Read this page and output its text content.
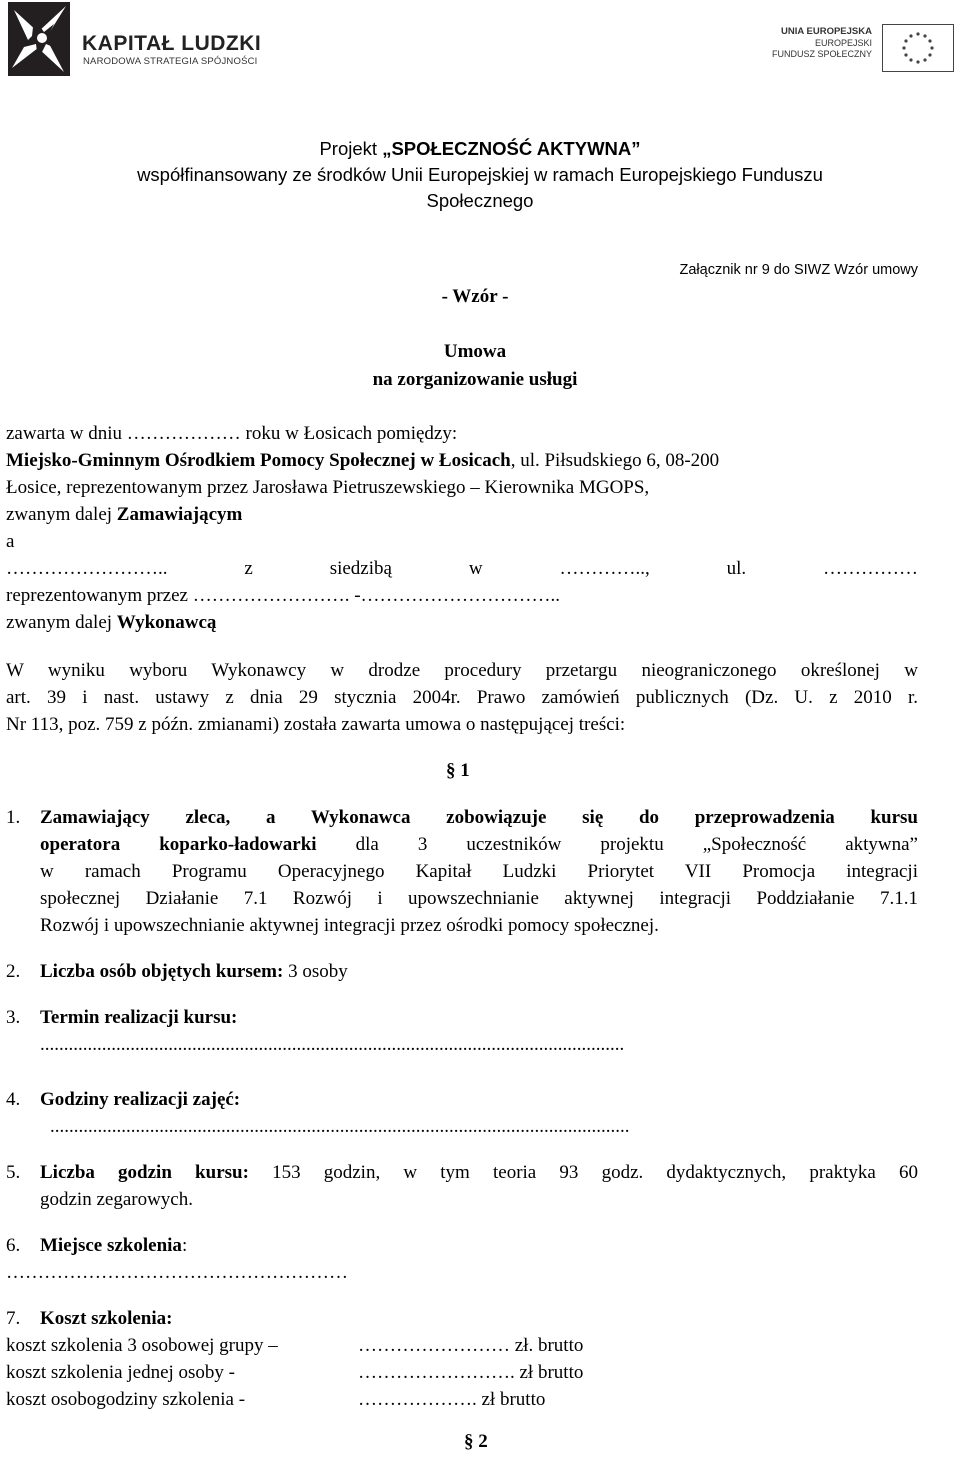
KAPITAŁ LUDZKI
NARODOWA STRATEGIA SPÓJNOŚCI
UNIA EUROPEJSKA
EUROPEJSKI
FUNDUSZ SPOŁECZNY
Projekt „SPOŁECZNOŚĆ AKTYWNA”
współfinansowany ze środków Unii Europejskiej w ramach Europejskiego Funduszu
Społecznego
Załącznik nr 9 do SIWZ Wzór umowy
- Wzór -
Umowa
na zorganizowanie usługi
zawarta w dniu ……………… roku w Łosicach pomiędzy:
Miejsko-Gminnym Ośrodkiem Pomocy Społecznej w Łosicach, ul. Piłsudskiego 6, 08-200
Łosice, reprezentowanym przez Jarosława Pietruszewskiego – Kierownika MGOPS,
zwanym dalej Zamawiającym
a
……………………..	z	siedzibą	w	…………..,	ul.	……………
reprezentowanym przez ……………………. -…………………………..
zwanym dalej Wykonawcą
W wyniku wyboru Wykonawcy w drodze procedury przetargu nieograniczonego określonej w
art. 39 i nast. ustawy z dnia 29 stycznia 2004r. Prawo zamówień publicznych (Dz. U. z 2010 r.
Nr 113, poz. 759 z późn. zmianami) została zawarta umowa o następującej treści:
§ 1
1. Zamawiający zleca, a Wykonawca zobowiązuje się do przeprowadzenia kursu
operatora koparko-ładowarki dla 3 uczestników projektu „Społeczność aktywna”
w ramach Programu Operacyjnego Kapitał Ludzki Priorytet VII Promocja integracji
społecznej Działanie 7.1 Rozwój i upowszechnianie aktywnej integracji Poddziałanie 7.1.1
Rozwój i upowszechnianie aktywnej integracji przez ośrodki pomocy społecznej.
2. Liczba osób objętych kursem: 3 osoby
3. Termin realizacji kursu:
...........................................................................................................................
4. Godziny realizacji zajęć:
..........................................................................................................................
5. Liczba godzin kursu: 153 godzin, w tym teoria 93 godz. dydaktycznych, praktyka 60
godzin zegarowych.
6. Miejsce szkolenia:
………………………………………………
7. Koszt szkolenia:
koszt szkolenia 3 osobowej grupy –	…………………… zł. brutto
koszt szkolenia jednej osoby -	……………………. zł brutto
koszt osobogodziny szkolenia -	………………. zł brutto
§ 2
